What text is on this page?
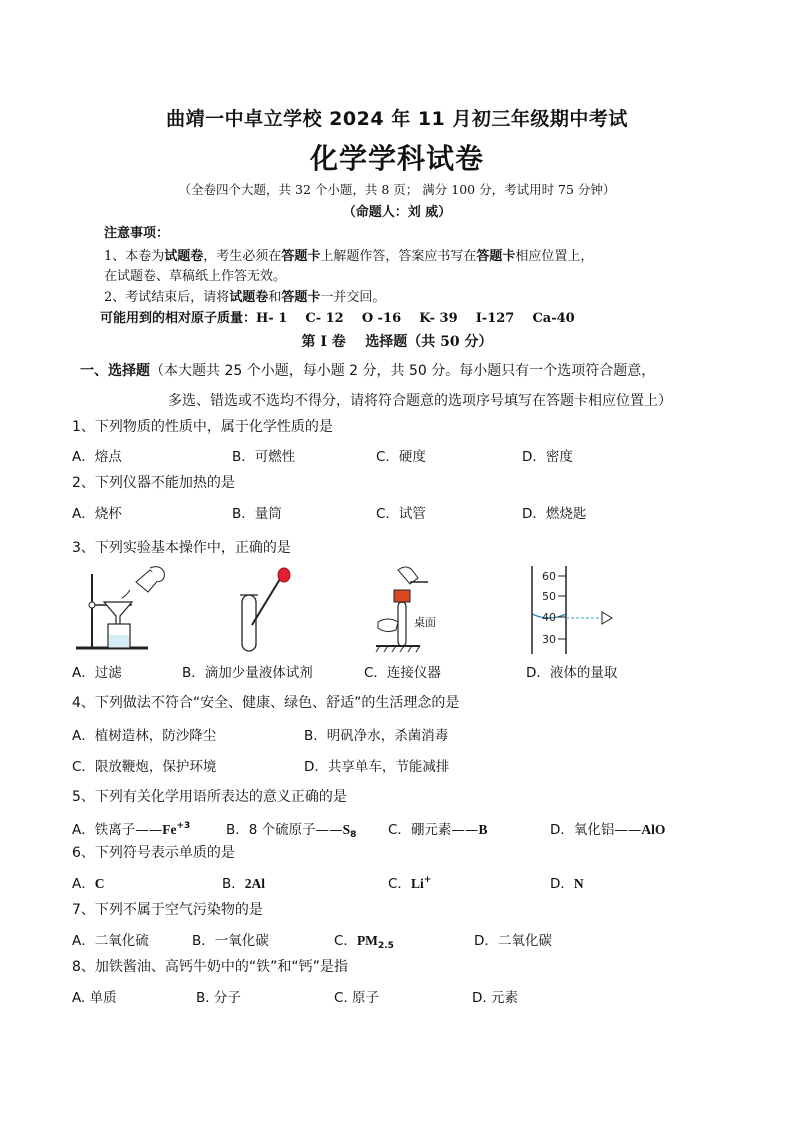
曲靖一中卓立学校 2024 年 11 月初三年级期中考试
化学学科试卷
（全卷四个大题，共 32 个小题，共 8 页； 满分 100 分，考试用时 75 分钟）
（命题人：刘 威）
注意事项：
1、本卷为试题卷，考生必须在答题卡上解题作答，答案应书写在答题卡相应位置上，
在试题卷、草稿纸上作答无效。
2、考试结束后，请将试题卷和答题卡一并交回。
可能用到的相对原子质量：H- 1    C- 12    O -16    K- 39    I-127    Ca-40
第 I 卷    选择题（共 50 分）
一、选择题（本大题共 25 个小题，每小题 2 分，共 50 分。每小题只有一个选项符合题意，
多选、错选或不选均不得分，请将符合题意的选项序号填写在答题卡相应位置上）
1、下列物质的性质中，属于化学性质的是
A．熔点	B．可燃性	C．硬度	D．密度
2、下列仪器不能加热的是
A．烧杯	B．量筒	C．试管	D．燃烧匙
3、下列实验基本操作中，正确的是
A．过滤	B．滴加少量液体试剂
桌面
C．连接仪器
60
50
40
30
D．液体的量取
4、下列做法不符合“安全、健康、绿色、舒适”的生活理念的是
A．植树造林，防沙降尘	B．明矾净水，杀菌消毒
C．限放鞭炮，保护环境	D．共享单车，节能减排
5、下列有关化学用语所表达的意义正确的是
A．铁离子$——Fe^{+3}$	B．8 个硫原子$——S_8$ C．硼元素——B	D．氧化铝——AlO
6、下列符号表示单质的是
A．C	B．2Al	C．Li+	D．N
7、下列不属于空气污染物的是
A．二氧化硫	B．一氧化碳	C．$PM_{2.5}$	D．二氧化碳
8、加铁酱油、高钙牛奶中的“铁”和“钙”是指
A. 单质	B. 分子	C. 原子	D. 元素
